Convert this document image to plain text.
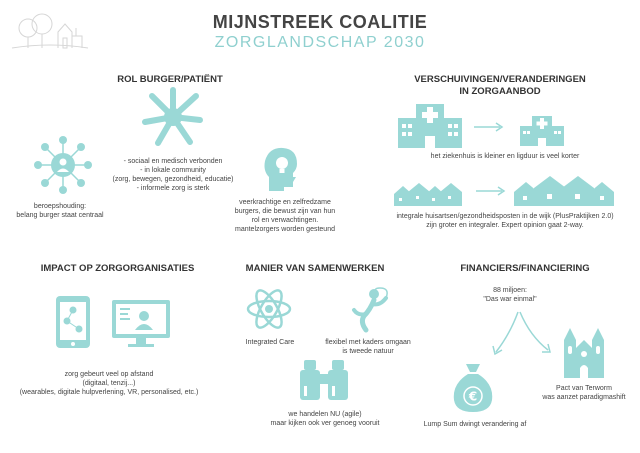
MIJNSTREEK COALITIE
ZORGLANDSCHAP 2030
ROL BURGER/PATIËNT
beroepshouding:
belang burger staat centraal
- sociaal en medisch verbonden
- in lokale community
(zorg, bewegen, gezondheid, educatie)
- informele zorg is sterk
veerkrachtige en zelfredzame
burgers, die bewust zijn van hun
rol en verwachtingen.
mantelzorgers worden gesteund
VERSCHUIVINGEN/VERANDERINGEN
IN ZORGAANBOD
het ziekenhuis is kleiner en ligduur is veel korter
integrale huisartsen/gezondheidsposten in de wijk (PlusPraktijken 2.0)
zijn groter en integraler. Expert opinion gaat 2-way.
IMPACT OP ZORGORGANISATIES
zorg gebeurt veel op afstand
(digitaal, tenzij...)
(wearables, digitale hulpverlening, VR, personalised, etc.)
MANIER VAN SAMENWERKEN
Integrated Care	flexibel met kaders omgaan
is tweede natuur
we handelen NU (agile)
maar kijken ook ver genoeg vooruit
FINANCIERS/FINANCIERING
88 miljoen:
"Das war einmal"
€
Lump Sum dwingt verandering af
Pact van Terworm
was aanzet paradigmashift
